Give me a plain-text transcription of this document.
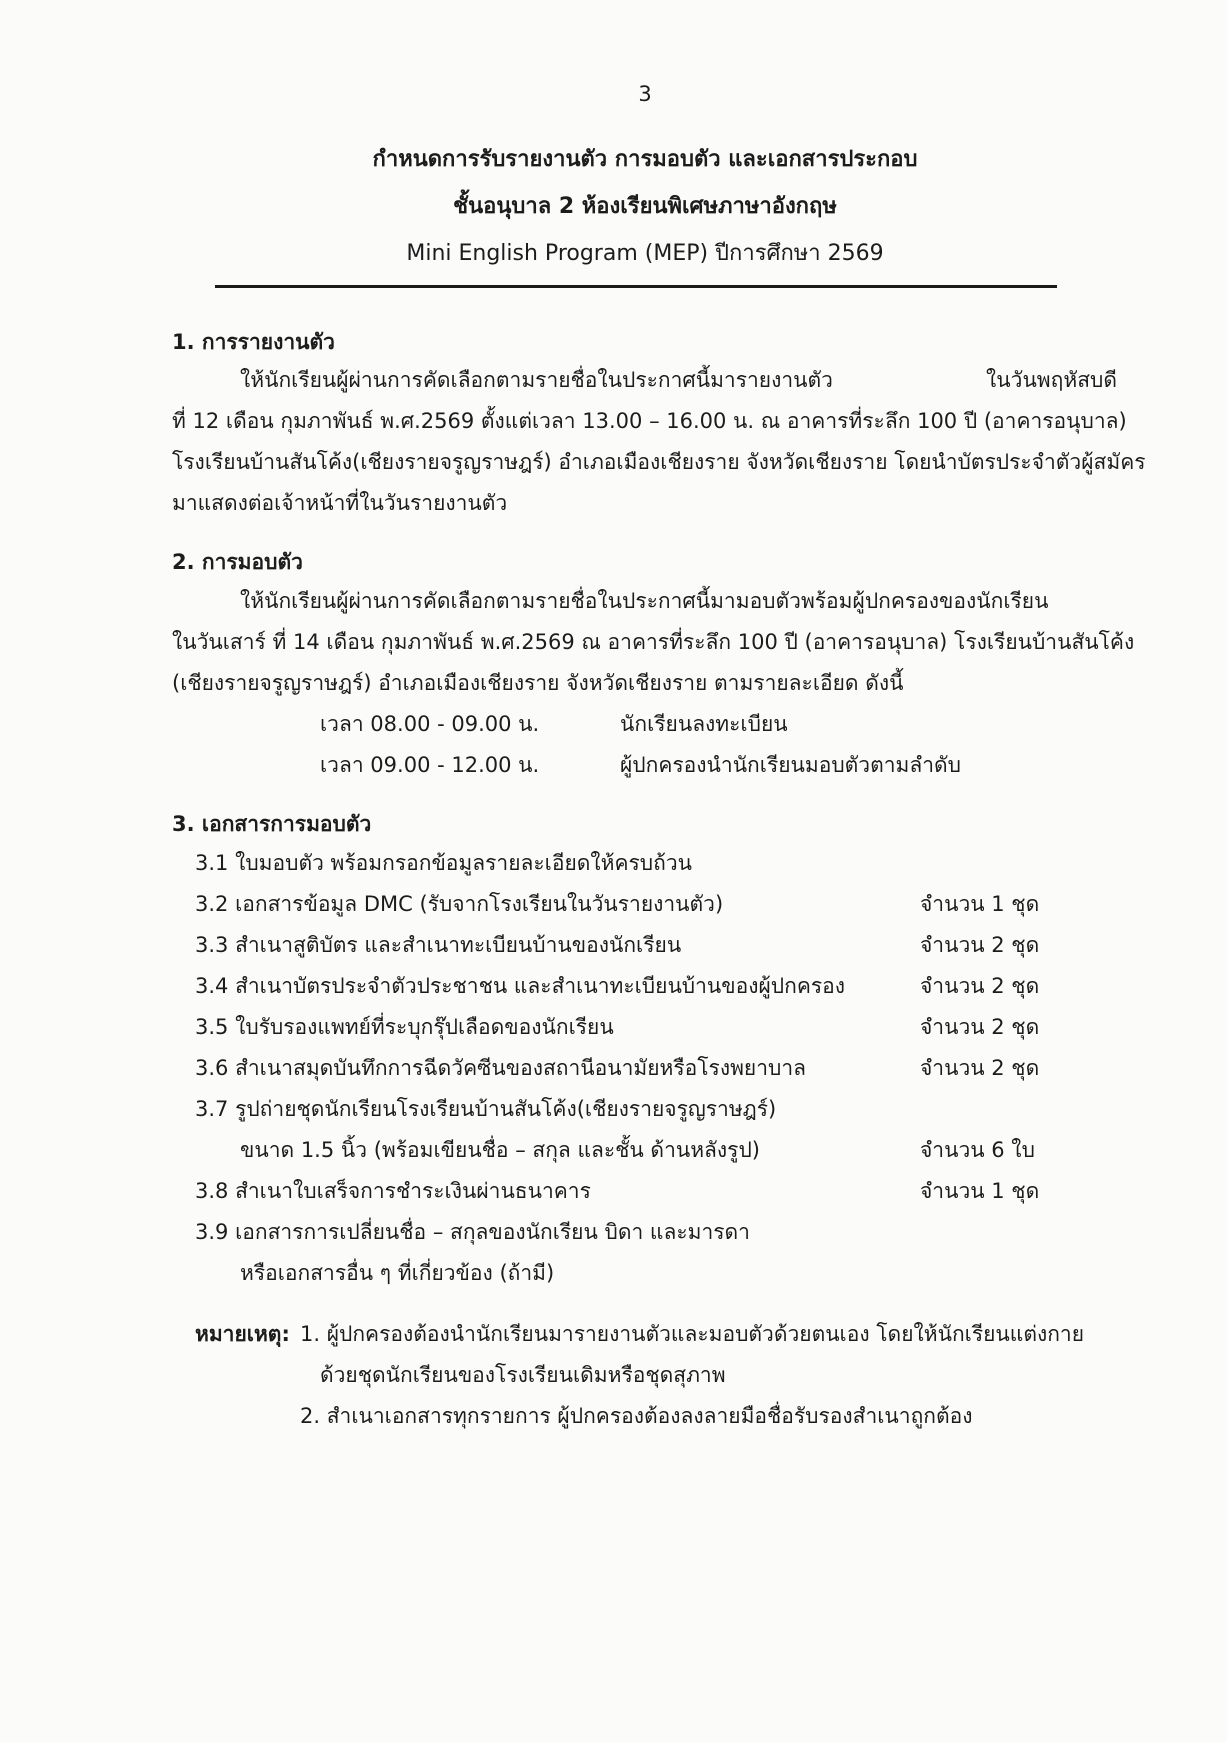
3
กำหนดการรับรายงานตัว การมอบตัว และเอกสารประกอบ
ชั้นอนุบาล 2 ห้องเรียนพิเศษภาษาอังกฤษ
Mini English Program (MEP) ปีการศึกษา 2569
1. การรายงานตัว
ให้นักเรียนผู้ผ่านการคัดเลือกตามรายชื่อในประกาศนี้มารายงานตัว ในวันพฤหัสบดี
ที่ 12 เดือน กุมภาพันธ์ พ.ศ.2569 ตั้งแต่เวลา 13.00 – 16.00 น. ณ อาคารที่ระลึก 100 ปี (อาคารอนุบาล)
โรงเรียนบ้านสันโค้ง(เชียงรายจรูญราษฎร์) อำเภอเมืองเชียงราย จังหวัดเชียงราย โดยนำบัตรประจำตัวผู้สมัคร
มาแสดงต่อเจ้าหน้าที่ในวันรายงานตัว
2. การมอบตัว
ให้นักเรียนผู้ผ่านการคัดเลือกตามรายชื่อในประกาศนี้มามอบตัวพร้อมผู้ปกครองของนักเรียน
ในวันเสาร์ ที่ 14 เดือน กุมภาพันธ์ พ.ศ.2569 ณ อาคารที่ระลึก 100 ปี (อาคารอนุบาล) โรงเรียนบ้านสันโค้ง
(เชียงรายจรูญราษฎร์) อำเภอเมืองเชียงราย จังหวัดเชียงราย ตามรายละเอียด ดังนี้
เวลา 08.00 - 09.00 น.	นักเรียนลงทะเบียน
เวลา 09.00 - 12.00 น.	ผู้ปกครองนำนักเรียนมอบตัวตามลำดับ
3. เอกสารการมอบตัว
3.1 ใบมอบตัว พร้อมกรอกข้อมูลรายละเอียดให้ครบถ้วน
3.2 เอกสารข้อมูล DMC (รับจากโรงเรียนในวันรายงานตัว)	จำนวน 1 ชุด
3.3 สำเนาสูติบัตร และสำเนาทะเบียนบ้านของนักเรียน	จำนวน 2 ชุด
3.4 สำเนาบัตรประจำตัวประชาชน และสำเนาทะเบียนบ้านของผู้ปกครอง	จำนวน 2 ชุด
3.5 ใบรับรองแพทย์ที่ระบุกรุ๊ปเลือดของนักเรียน	จำนวน 2 ชุด
3.6 สำเนาสมุดบันทึกการฉีดวัคซีนของสถานีอนามัยหรือโรงพยาบาล	จำนวน 2 ชุด
3.7 รูปถ่ายชุดนักเรียนโรงเรียนบ้านสันโค้ง(เชียงรายจรูญราษฎร์)
ขนาด 1.5 นิ้ว (พร้อมเขียนชื่อ – สกุล และชั้น ด้านหลังรูป)	จำนวน 6 ใบ
3.8 สำเนาใบเสร็จการชำระเงินผ่านธนาคาร	จำนวน 1 ชุด
3.9 เอกสารการเปลี่ยนชื่อ – สกุลของนักเรียน บิดา และมารดา
หรือเอกสารอื่น ๆ ที่เกี่ยวข้อง (ถ้ามี)
หมายเหตุ: 1. ผู้ปกครองต้องนำนักเรียนมารายงานตัวและมอบตัวด้วยตนเอง โดยให้นักเรียนแต่งกาย
ด้วยชุดนักเรียนของโรงเรียนเดิมหรือชุดสุภาพ
2. สำเนาเอกสารทุกรายการ ผู้ปกครองต้องลงลายมือชื่อรับรองสำเนาถูกต้อง
